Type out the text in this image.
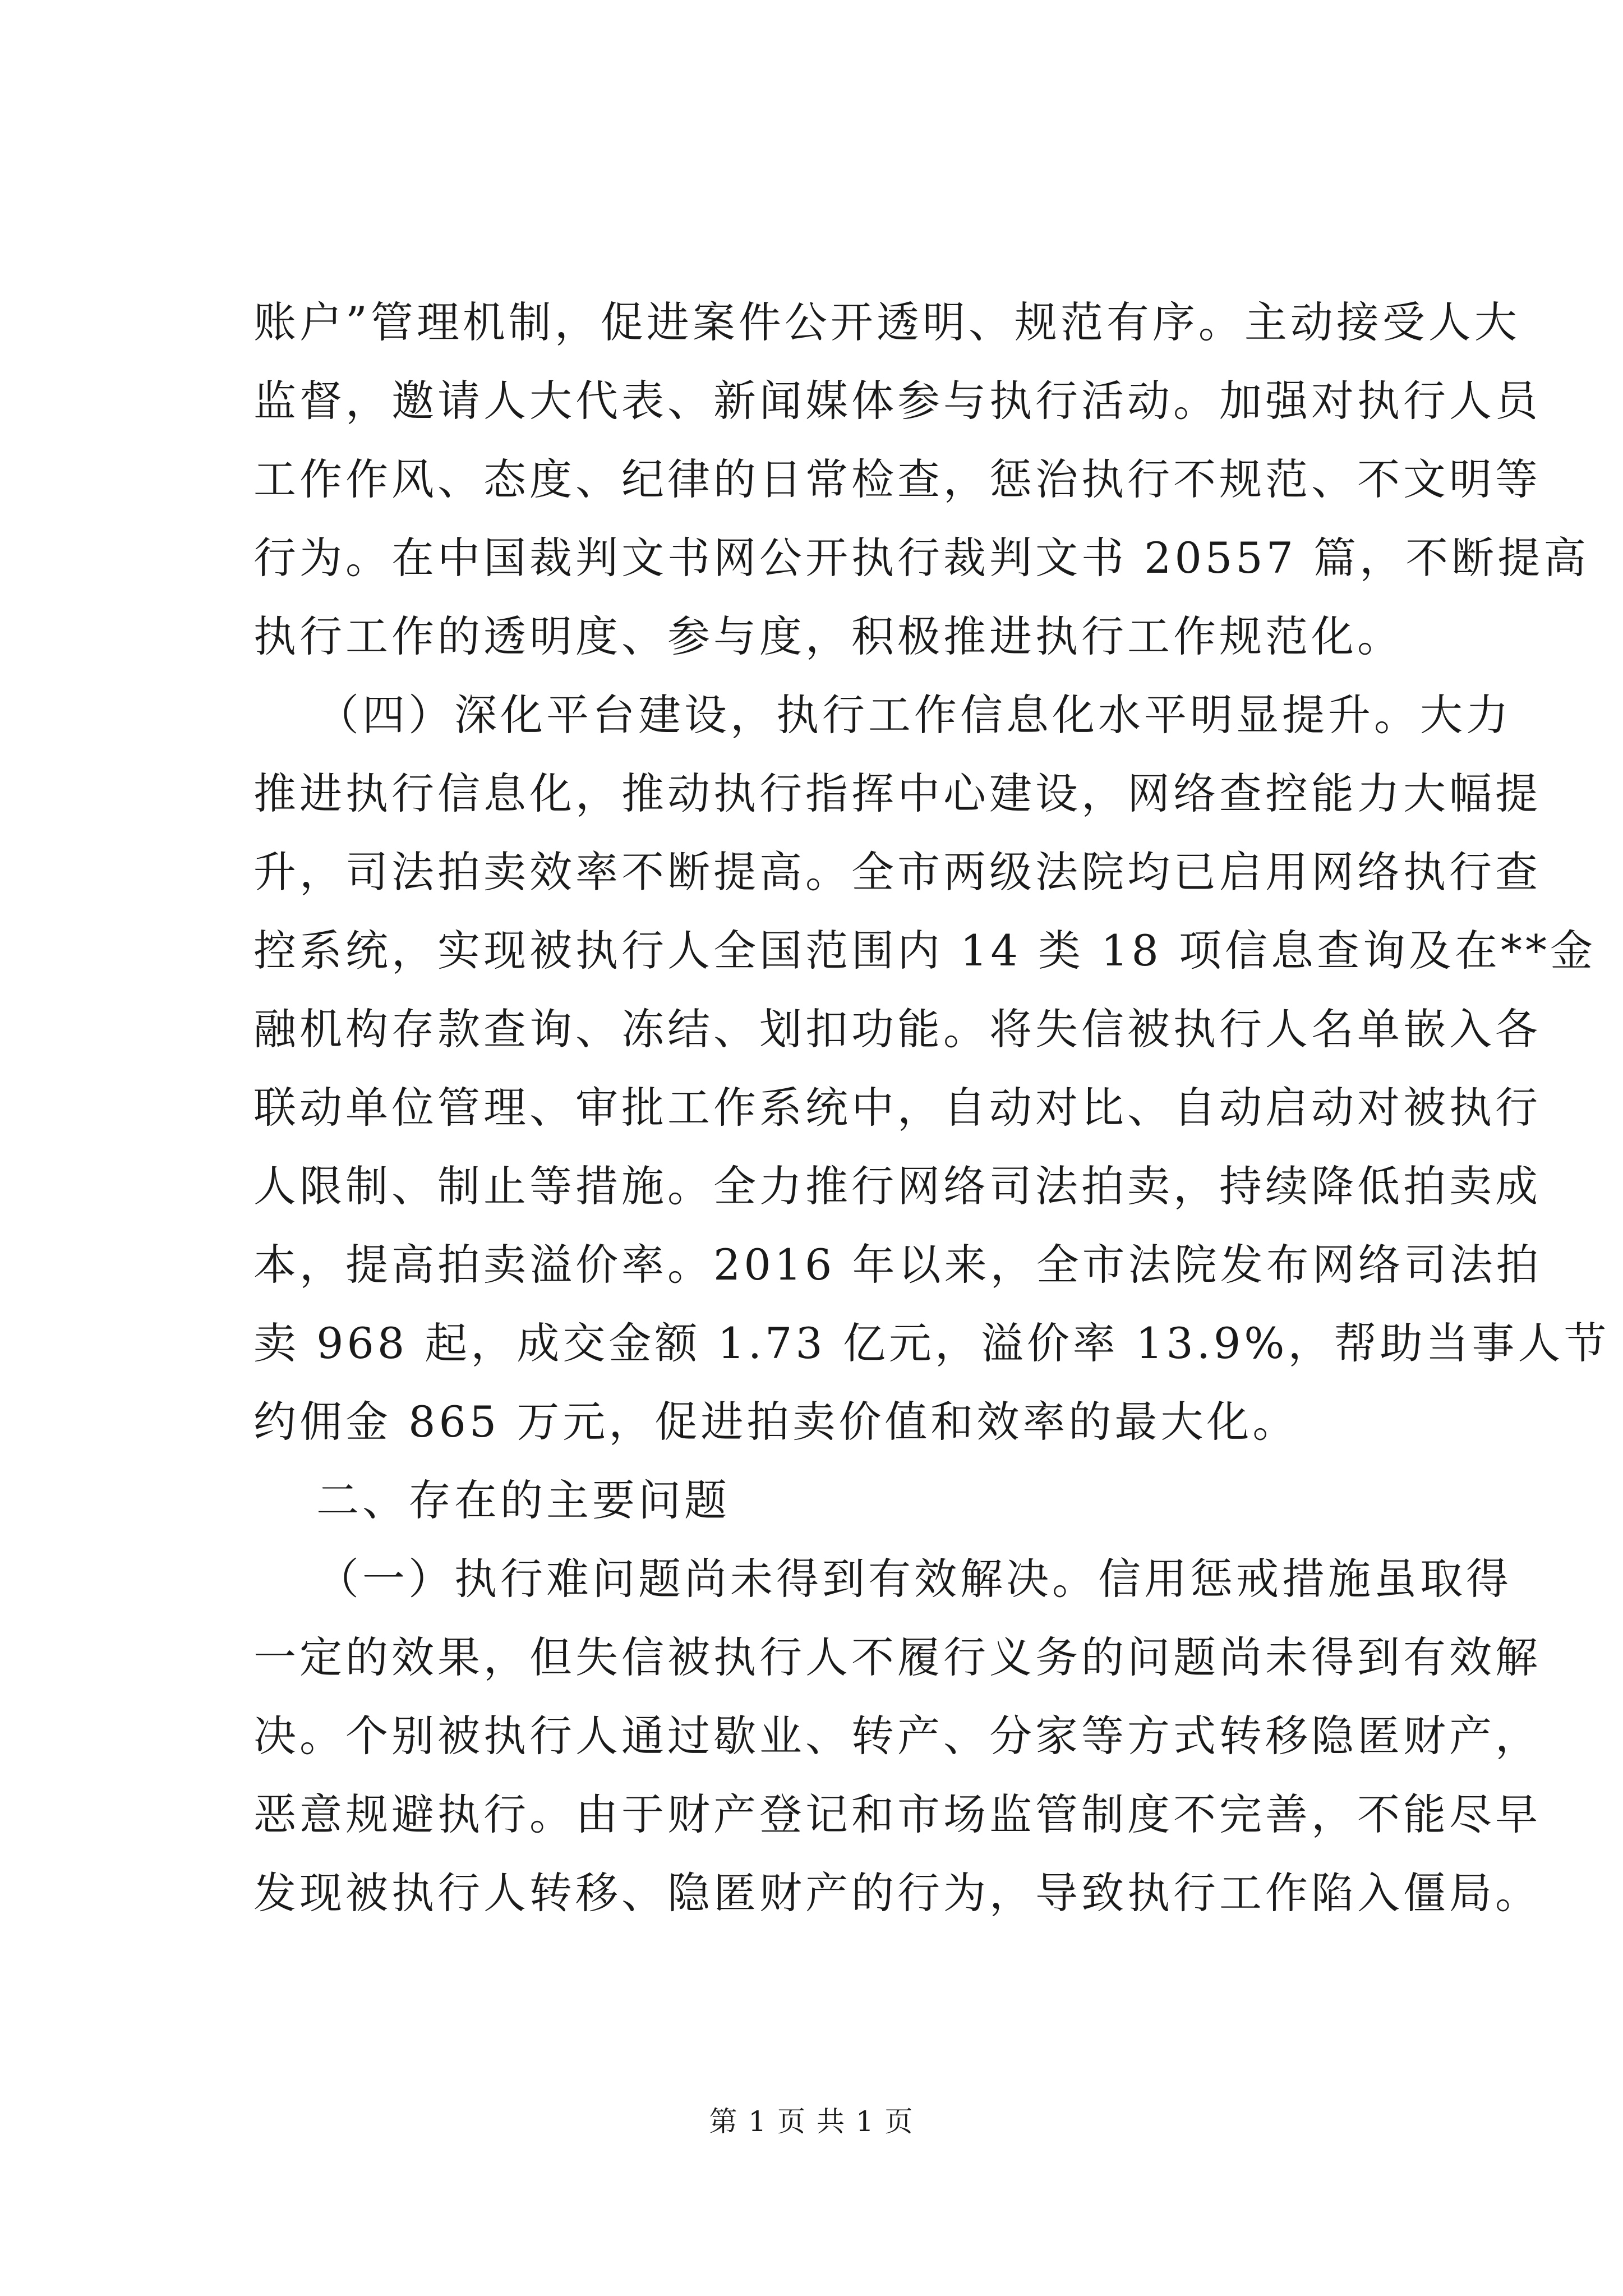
账户”管理机制，促进案件公开透明、规范有序。主动接受人大
监督，邀请人大代表、新闻媒体参与执行活动。加强对执行人员
工作作风、态度、纪律的日常检查，惩治执行不规范、不文明等
行为。在中国裁判文书网公开执行裁判文书 20557 篇，不断提高
执行工作的透明度、参与度，积极推进执行工作规范化。
（四）深化平台建设，执行工作信息化水平明显提升。大力
推进执行信息化，推动执行指挥中心建设，网络查控能力大幅提
升，司法拍卖效率不断提高。全市两级法院均已启用网络执行查
控系统，实现被执行人全国范围内 14 类 18 项信息查询及在**金
融机构存款查询、冻结、划扣功能。将失信被执行人名单嵌入各
联动单位管理、审批工作系统中，自动对比、自动启动对被执行
人限制、制止等措施。全力推行网络司法拍卖，持续降低拍卖成
本，提高拍卖溢价率。2016 年以来，全市法院发布网络司法拍
卖 968 起，成交金额 1.73 亿元，溢价率 13.9%，帮助当事人节
约佣金 865 万元，促进拍卖价值和效率的最大化。
二、存在的主要问题
（一）执行难问题尚未得到有效解决。信用惩戒措施虽取得
一定的效果，但失信被执行人不履行义务的问题尚未得到有效解
决。个别被执行人通过歇业、转产、分家等方式转移隐匿财产，
恶意规避执行。由于财产登记和市场监管制度不完善，不能尽早
发现被执行人转移、隐匿财产的行为，导致执行工作陷入僵局。
第 1 页 共 1 页
